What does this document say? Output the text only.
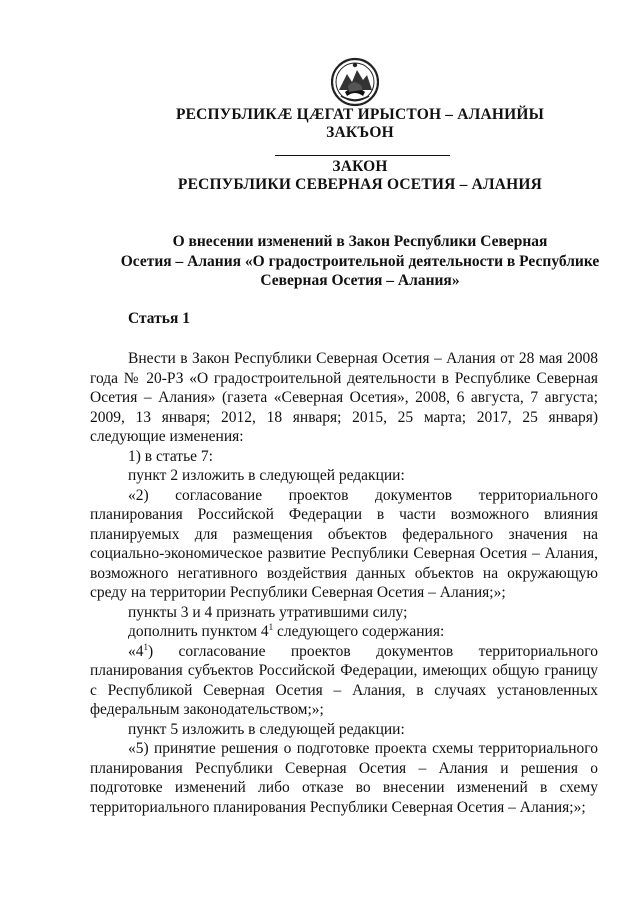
РЕСПУБЛИКӔ ЦӔГАТ ИРЫСТОН – АЛАНИЙЫ
ЗАКЪОН
ЗАКОН
РЕСПУБЛИКИ СЕВЕРНАЯ ОСЕТИЯ – АЛАНИЯ
О внесении изменений в Закон Республики Северная
Осетия – Алания «О градостроительной деятельности в Республике
Северная Осетия – Алания»
Статья 1

Внести в Закон Республики Северная Осетия – Алания от 28 мая 2008 года № 20-РЗ «О градостроительной деятельности в Республике Северная Осетия – Алания» (газета «Северная Осетия», 2008, 6 августа, 7 августа; 2009, 13 января; 2012, 18 января; 2015, 25 марта; 2017, 25 января) следующие изменения:

1) в статье 7:

пункт 2 изложить в следующей редакции:

«2) согласование проектов документов территориального планирования Российской Федерации в части возможного влияния планируемых для размещения объектов федерального значения на социально-экономическое развитие Республики Северная Осетия – Алания, возможного негативного воздействия данных объектов на окружающую среду на территории Республики Северная Осетия – Алания;»;

пункты 3 и 4 признать утратившими силу;

дополнить пунктом $4^1$ следующего содержания:

«$4^1$) согласование проектов документов территориального планирования субъектов Российской Федерации, имеющих общую границу с Республикой Северная Осетия – Алания, в случаях установленных федеральным законодательством;»;

пункт 5 изложить в следующей редакции:

«5) принятие решения о подготовке проекта схемы территориального планирования Республики Северная Осетия – Алания и решения о подготовке изменений либо отказе во внесении изменений в схему территориального планирования Республики Северная Осетия – Алания;»;
